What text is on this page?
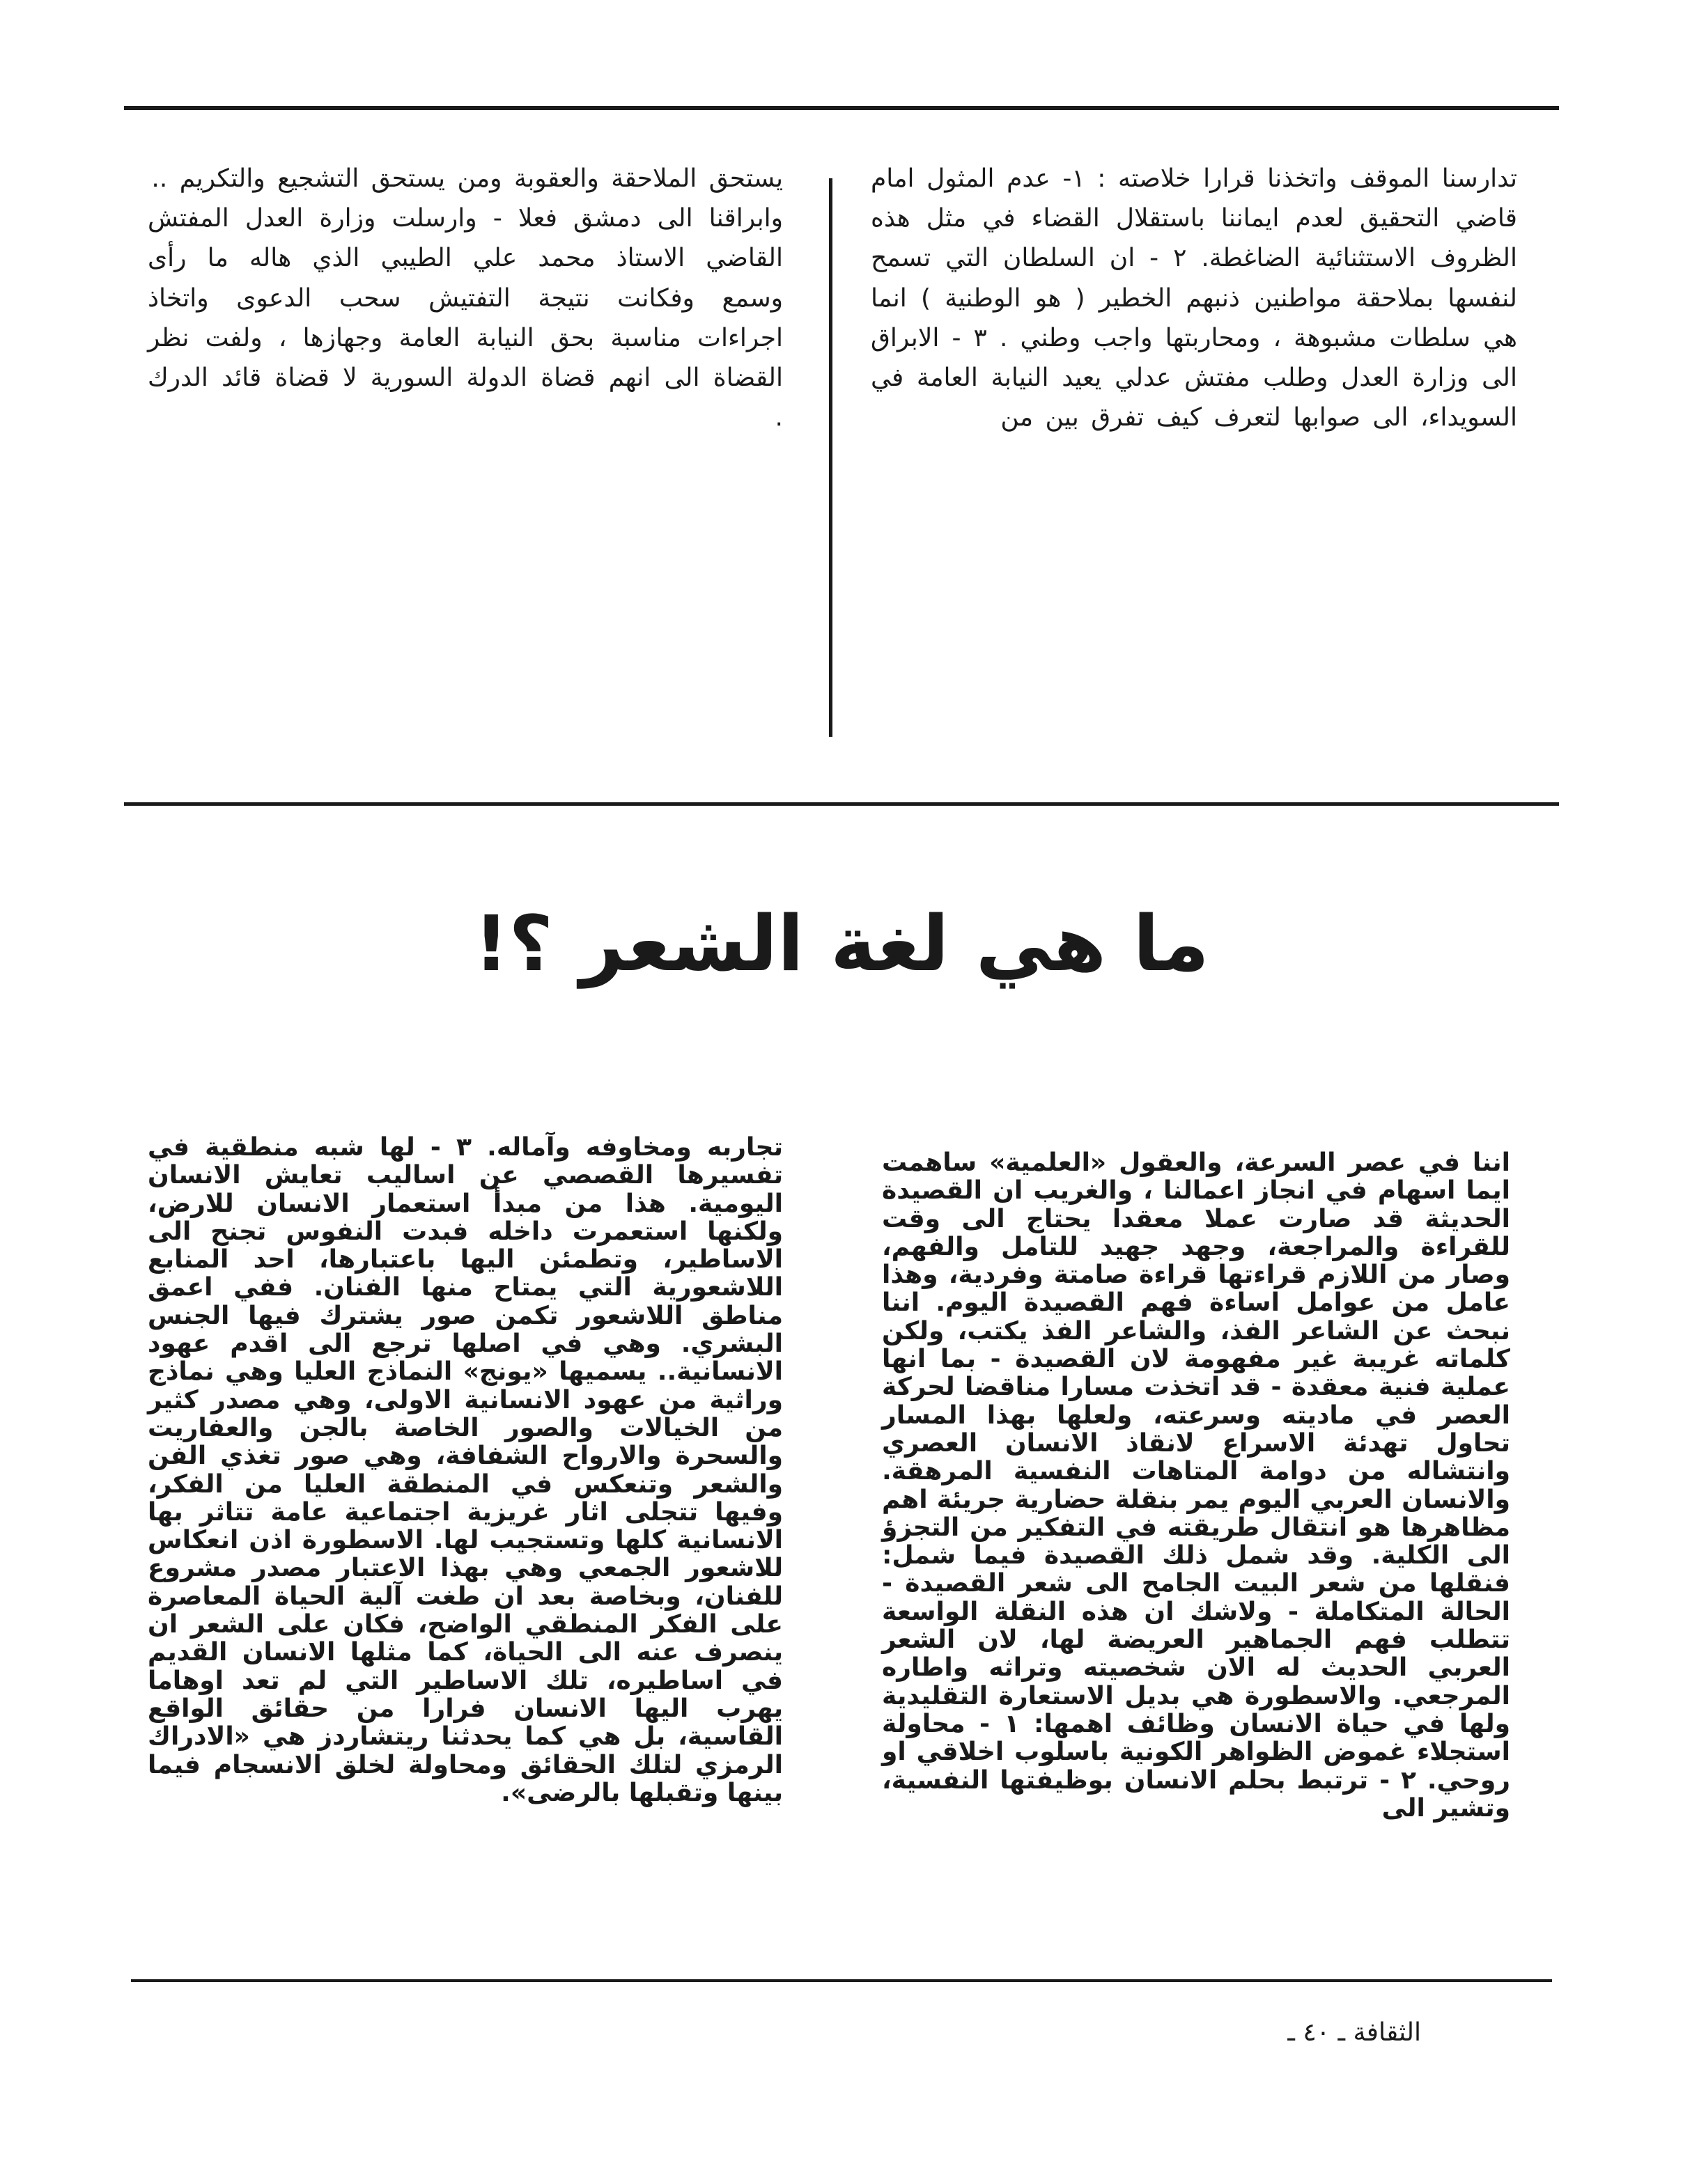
تدارسنا الموقف واتخذنا قرارا خلاصته : ١- عدم المثول امام قاضي التحقيق لعدم ايماننا باستقلال القضاء في مثل هذه الظروف الاستثنائية الضاغطة. ٢ - ان السلطان التي تسمح لنفسها بملاحقة مواطنين ذنبهم الخطير ( هو الوطنية ) انما هي سلطات مشبوهة ، ومحاربتها واجب وطني . ٣ - الابراق الى وزارة العدل وطلب مفتش عدلي يعيد النيابة العامة في السويداء، الى صوابها لتعرف كيف تفرق بين من

يستحق الملاحقة والعقوبة ومن يستحق التشجيع والتكريم ..

وابراقنا الى دمشق فعلا - وارسلت وزارة العدل المفتش القاضي الاستاذ محمد علي الطيبي الذي هاله ما رأى وسمع وفكانت نتيجة التفتيش سحب الدعوى واتخاذ اجراءات مناسبة بحق النيابة العامة وجهازها ، ولفت نظر القضاة الى انهم قضاة الدولة السورية لا قضاة قائد الدرك .

ما هي لغة الشعر ؟!

اننا في عصر السرعة، والعقول «العلمية» ساهمت ايما اسهام في انجاز اعمالنا ، والغريب ان القصيدة الحديثة قد صارت عملا معقدا يحتاج الى وقت للقراءة والمراجعة، وجهد جهيد للتامل والفهم، وصار من اللازم قراءتها قراءة صامتة وفردية، وهذا عامل من عوامل اساءة فهم القصيدة اليوم. اننا نبحث عن الشاعر الفذ، والشاعر الفذ يكتب، ولكن كلماته غريبة غير مفهومة لان القصيدة - بما انها عملية فنية معقدة - قد اتخذت مسارا مناقضا لحركة العصر في ماديته وسرعته، ولعلها بهذا المسار تحاول تهدئة الاسراع لانقاذ الانسان العصري وانتشاله من دوامة المتاهات النفسية المرهقة. والانسان العربي اليوم يمر بنقلة حضارية جريئة اهم مظاهرها هو انتقال طريقته في التفكير من التجزؤ الى الكلية. وقد شمل ذلك القصيدة فيما شمل: فنقلها من شعر البيت الجامح الى شعر القصيدة - الحالة المتكاملة - ولاشك ان هذه النقلة الواسعة تتطلب فهم الجماهير العريضة لها، لان الشعر العربي الحديث له الان شخصيته وتراثه واطاره المرجعي. والاسطورة هي بديل الاستعارة التقليدية ولها في حياة الانسان وظائف اهمها: ١ - محاولة استجلاء غموض الظواهر الكونية باسلوب اخلاقي او روحي. ٢ - ترتبط بحلم الانسان بوظيفتها النفسية، وتشير الى

تجاربه ومخاوفه وآماله. ٣ - لها شبه منطقية في تفسيرها القصصي عن اساليب تعايش الانسان اليومية. هذا من مبدأ استعمار الانسان للارض، ولكنها استعمرت داخله فبدت النفوس تجنح الى الاساطير، وتطمئن اليها باعتبارها، احد المنابع اللاشعورية التي يمتاح منها الفنان. ففي اعمق مناطق اللاشعور تكمن صور يشترك فيها الجنس البشري. وهي في اصلها ترجع الى اقدم عهود الانسانية.. يسميها «يونج» النماذج العليا وهي نماذج وراثية من عهود الانسانية الاولى، وهي مصدر كثير من الخيالات والصور الخاصة بالجن والعفاريت والسحرة والارواح الشفافة، وهي صور تغذي الفن والشعر وتنعكس في المنطقة العليا من الفكر، وفيها تتجلى اثار غريزية اجتماعية عامة تتاثر بها الانسانية كلها وتستجيب لها. الاسطورة اذن انعكاس للاشعور الجمعي وهي بهذا الاعتبار مصدر مشروع للفنان، وبخاصة بعد ان طغت آلية الحياة المعاصرة على الفكر المنطقي الواضح، فكان على الشعر ان ينصرف عنه الى الحياة، كما مثلها الانسان القديم في اساطيره، تلك الاساطير التي لم تعد اوهاما يهرب اليها الانسان فرارا من حقائق الواقع القاسية، بل هي كما يحدثنا ريتشاردز هي «الادراك الرمزي لتلك الحقائق ومحاولة لخلق الانسجام فيما بينها وتقبلها بالرضى».

الثقافة ـ ٤٠ ـ
